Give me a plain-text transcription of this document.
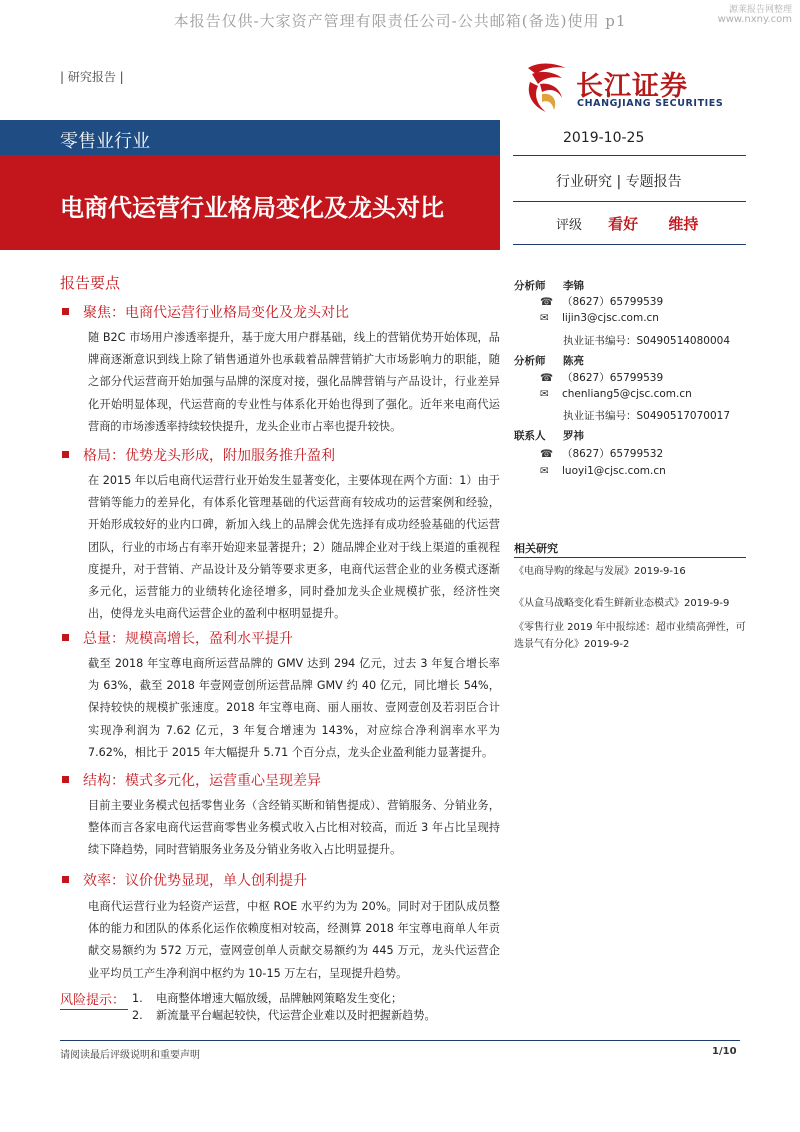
本报告仅供-大家资产管理有限责任公司-公共邮箱(备选)使用 p1
源莱报告网整理
www.nxny.com
| 研究报告 |	长江证券
CHANGJIANG SECURITIES
零售业行业
电商代运营行业格局变化及龙头对比
2019-10-25
行业研究 | 专题报告
评级 看好 维持
报告要点
聚焦：电商代运营行业格局变化及龙头对比
随 B2C 市场用户渗透率提升，基于庞大用户群基础，线上的营销优势开始体现，品牌商逐渐意识到线上除了销售通道外也承载着品牌营销扩大市场影响力的职能，随之部分代运营商开始加强与品牌的深度对接，强化品牌营销与产品设计，行业差异化开始明显体现，代运营商的专业性与体系化开始也得到了强化。近年来电商代运营商的市场渗透率持续较快提升，龙头企业市占率也提升较快。
格局：优势龙头形成，附加服务推升盈利
在 2015 年以后电商代运营行业开始发生显著变化，主要体现在两个方面：1）由于营销等能力的差异化，有体系化管理基础的代运营商有较成功的运营案例和经验，开始形成较好的业内口碑，新加入线上的品牌会优先选择有成功经验基础的代运营团队，行业的市场占有率开始迎来显著提升；2）随品牌企业对于线上渠道的重视程度提升，对于营销、产品设计及分销等要求更多，电商代运营企业的业务模式逐渐多元化，运营能力的业绩转化途径增多，同时叠加龙头企业规模扩张，经济性突出，使得龙头电商代运营企业的盈利中枢明显提升。
总量：规模高增长，盈利水平提升
截至 2018 年宝尊电商所运营品牌的 GMV 达到 294 亿元，过去 3 年复合增长率为 63%，截至 2018 年壹网壹创所运营品牌 GMV 约 40 亿元，同比增长 54%，保持较快的规模扩张速度。2018 年宝尊电商、丽人丽妆、壹网壹创及若羽臣合计实现净利润为 7.62 亿元，3 年复合增速为 143%，对应综合净利润率水平为 7.62%，相比于 2015 年大幅提升 5.71 个百分点，龙头企业盈利能力显著提升。
结构：模式多元化，运营重心呈现差异
目前主要业务模式包括零售业务（含经销买断和销售提成）、营销服务、分销业务，整体而言各家电商代运营商零售业务模式收入占比相对较高，而近 3 年占比呈现持续下降趋势，同时营销服务业务及分销业务收入占比明显提升。
效率：议价优势显现，单人创利提升
电商代运营行业为轻资产运营，中枢 ROE 水平约为为 20%。同时对于团队成员整体的能力和团队的体系化运作依赖度相对较高，经测算 2018 年宝尊电商单人年贡献交易额约为 572 万元，壹网壹创单人贡献交易额约为 445 万元，龙头代运营企业平均员工产生净利润中枢约为 10-15 万左右，呈现提升趋势。
风险提示： 1. 电商整体增速大幅放缓，品牌触网策略发生变化；
2. 新流量平台崛起较快，代运营企业难以及时把握新趋势。
分析师 李锦
☎ （8627）65799539
✉ lijin3@cjsc.com.cn
执业证书编号：S0490514080004
分析师 陈亮
☎ （8627）65799539
✉ chenliang5@cjsc.com.cn
执业证书编号：S0490517070017
联系人 罗祎
☎ （8627）65799532
✉ luoyi1@cjsc.com.cn
相关研究
《电商导购的缘起与发展》2019-9-16
《从盒马战略变化看生鲜新业态模式》2019-9-9
《零售行业 2019 年中报综述：超市业绩高弹性，可选景气有分化》2019-9-2
请阅读最后评级说明和重要声明	1/10
